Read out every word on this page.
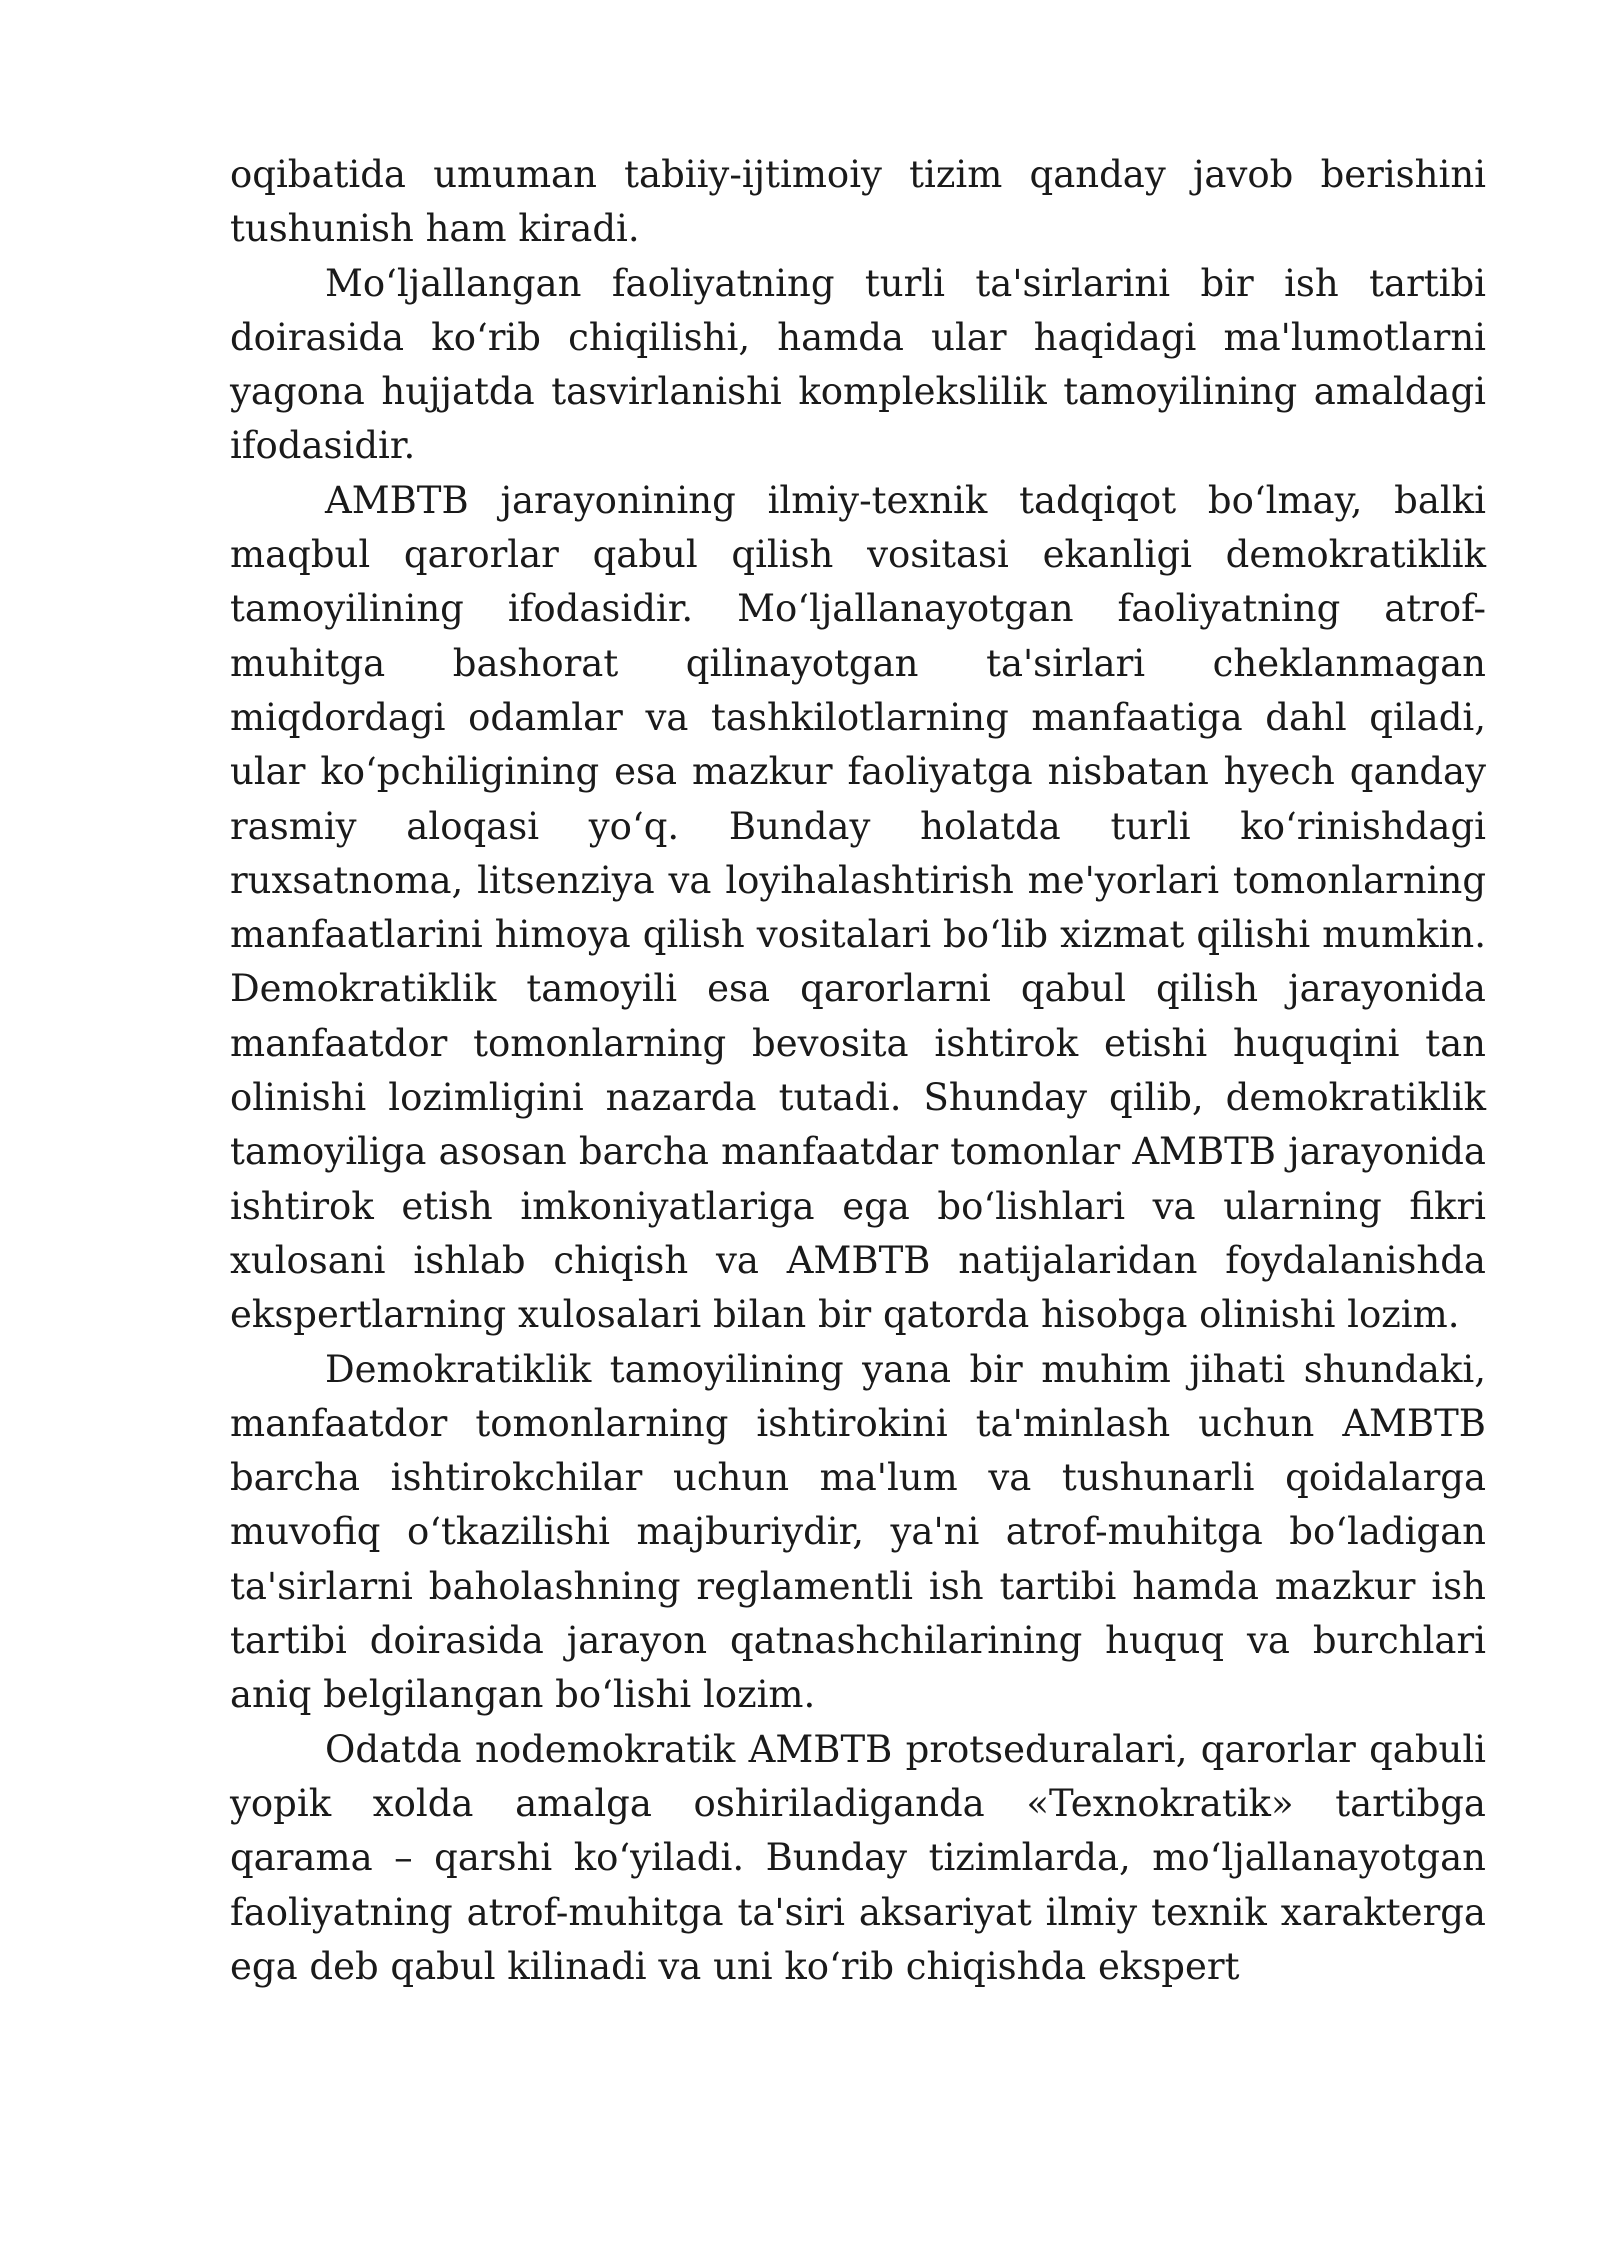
oqibatida umuman tabiiy-ijtimoiy tizim qanday javob berishini tushunish ham kiradi.

Mo‘ljallangan faoliyatning turli ta'sirlarini bir ish tartibi doirasida ko‘rib chiqilishi, hamda ular haqidagi ma'lumotlarni yagona hujjatda tasvirlanishi komplekslilik tamoyilining amaldagi ifodasidir.

AMBTB jarayonining ilmiy-texnik tadqiqot bo‘lmay, balki maqbul qarorlar qabul qilish vositasi ekanligi demokratiklik tamoyilining ifodasidir. Mo‘ljallanayotgan faoliyatning atrof-muhitga bashorat qilinayotgan ta'sirlari cheklanmagan miqdordagi odamlar va tashkilotlarning manfaatiga dahl qiladi, ular ko‘pchiligining esa mazkur faoliyatga nisbatan hyech qanday rasmiy aloqasi yo‘q. Bunday holatda turli ko‘rinishdagi ruxsatnoma, litsenziya va loyihalashtirish me'yorlari tomonlarning manfaatlarini himoya qilish vositalari bo‘lib xizmat qilishi mumkin. Demokratiklik tamoyili esa qarorlarni qabul qilish jarayonida manfaatdor tomonlarning bevosita ishtirok etishi huquqini tan olinishi lozimligini nazarda tutadi. Shunday qilib, demokratiklik tamoyiliga asosan barcha manfaatdar tomonlar AMBTB jarayonida ishtirok etish imkoniyatlariga ega bo‘lishlari va ularning fikri xulosani ishlab chiqish va AMBTB natijalaridan foydalanishda ekspertlarning xulosalari bilan bir qatorda hisobga olinishi lozim.

Demokratiklik tamoyilining yana bir muhim jihati shundaki, manfaatdor tomonlarning ishtirokini ta'minlash uchun AMBTB barcha ishtirokchilar uchun ma'lum va tushunarli qoidalarga muvofiq o‘tkazilishi majburiydir, ya'ni atrof-muhitga bo‘ladigan ta'sirlarni baholashning reglamentli ish tartibi hamda mazkur ish tartibi doirasida jarayon qatnashchilarining huquq va burchlari aniq belgilangan bo‘lishi lozim.

Odatda nodemokratik AMBTB protseduralari, qarorlar qabuli yopik xolda amalga oshiriladiganda «Texnokratik» tartibga qarama – qarshi ko‘yiladi. Bunday tizimlarda, mo‘ljallanayotgan faoliyatning atrof-muhitga ta'siri aksariyat ilmiy texnik xarakterga ega deb qabul kilinadi va uni ko‘rib chiqishda ekspert
